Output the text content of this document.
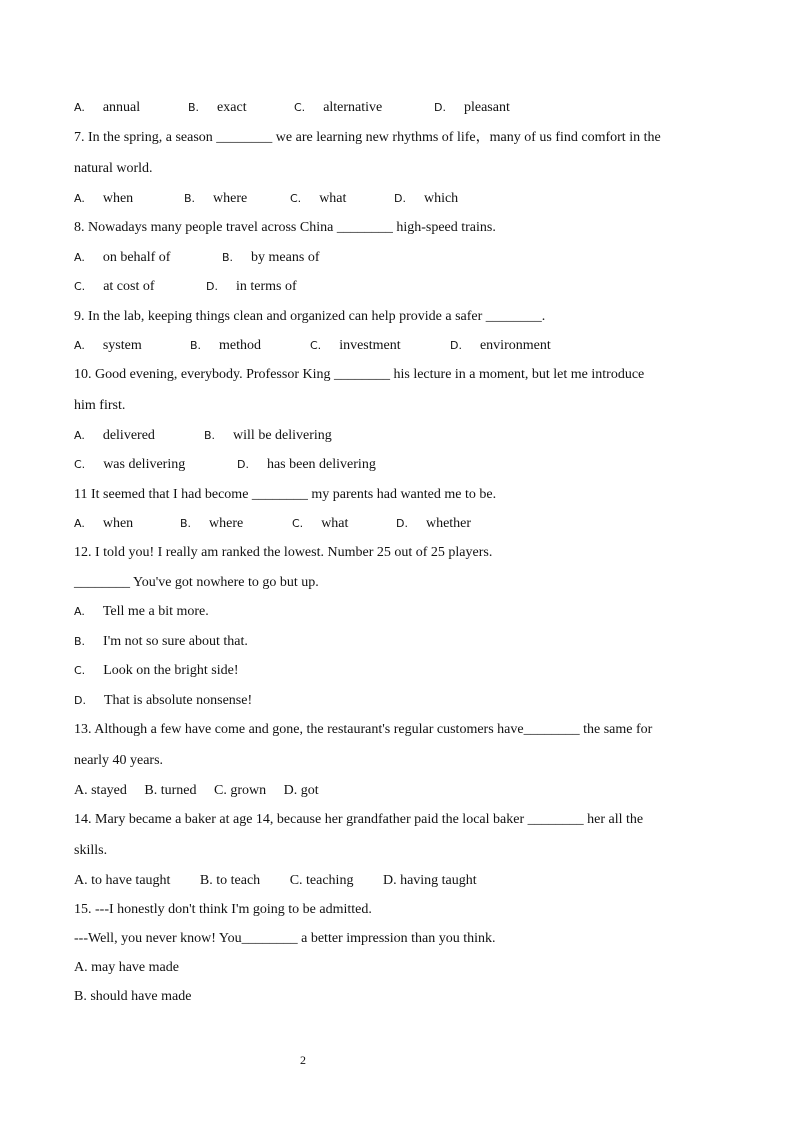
A. annual	B. exact	C. alternative	D. pleasant
7. In the spring, a season ________ we are learning new rhythms of life，many of us find comfort in the
natural world.
A. when	B. where	C. what	D. which
8. Nowadays many people travel across China ________ high-speed trains.
A. on behalf of	B. by means of
C. at cost of	D. in terms of
9. In the lab, keeping things clean and organized can help provide a safer ________.
A. system	B. method	C. investment	D. environment
10. Good evening, everybody. Professor King ________ his lecture in a moment, but let me introduce
him first.
A. delivered	B. will be delivering
C. was delivering	D. has been delivering
11 It seemed that I had become ________ my parents had wanted me to be.
A. when	B. where	C. what	D. whether
12. I told you! I really am ranked the lowest. Number 25 out of 25 players.
________ You've got nowhere to go but up.
A. Tell me a bit more.
B. I'm not so sure about that.
C. Look on the bright side!
D. That is absolute nonsense!
13. Although a few have come and gone, the restaurant's regular customers have________ the same for
nearly 40 years.
A. stayed B. turned C. grown D. got
14. Mary became a baker at age 14, because her grandfather paid the local baker ________ her all the
skills.
A. to have taught B. to teach C. teaching D. having taught
15. ---I honestly don't think I'm going to be admitted.
---Well, you never know! You________ a better impression than you think.
A. may have made
B. should have made
2
